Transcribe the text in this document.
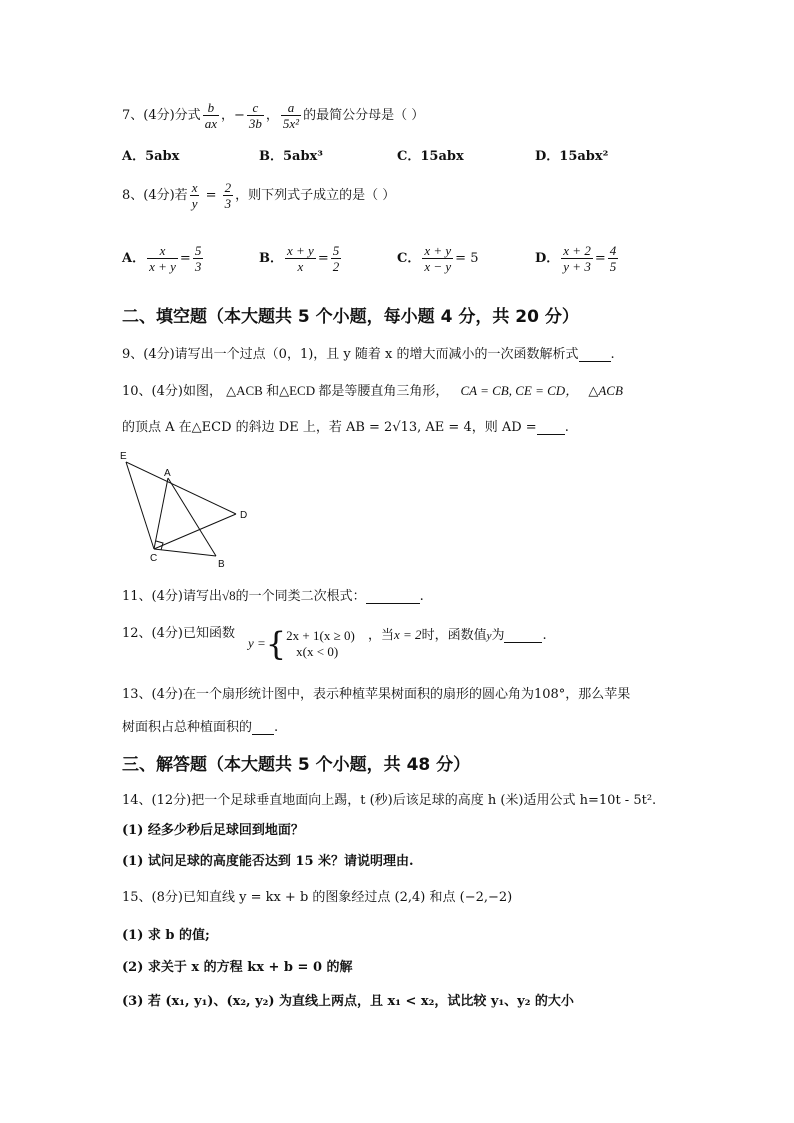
7、(4分)分式 $\frac{b}{ax}$ ，− $\frac{c}{3b}$ ， $\frac{a}{\text{5x²}}$ 的最简公分母是（ ）
A．5abx	B．5abx³	C．15abx	D．15abx²
8、(4分)若 $\frac{x}{y} = \frac{2}{3}$ ，则下列式子成立的是（ ）
A． $\frac{x}{x + y} = \frac{5}{3}$	B． $\frac{x + y}{x} = \frac{5}{2}$	C． $\frac{x + y}{x - y} = 5$	D． $\frac{x + 2}{y + 3} = \frac{4}{5}$
二、填空题（本大题共 5 个小题，每小题 4 分，共 20 分）
9、(4分)请写出一个过点（0，1)，且 y 随着 x 的增大而减小的一次函数解析式 .
10、(4分)如图， △ACB 和△ECD 都是等腰直角三角形， CA = CB, CE = CD， △ACB
的顶点 A 在△ECD 的斜边 DE 上，若 AB = 2√13, AE = 4，则 AD = .
E
A
D
C
B
11、(4分)请写出√8的一个同类二次根式：	.
12、(4分)已知函数
y ={2x + 1(x ≥ 0)
x(x < 0)
，当x = 2时，函数值y为	.
13、(4分)在一个扇形统计图中，表示种植苹果树面积的扇形的圆心角为108°，那么苹果
树面积占总种植面积的 .
三、解答题（本大题共 5 个小题，共 48 分）
14、(12分)把一个足球垂直地面向上踢，t (秒)后该足球的高度 h (米)适用公式 h=10t - 5t².
(1) 经多少秒后足球回到地面？
(1) 试问足球的高度能否达到 15 米？请说明理由.
15、(8分)已知直线 y = kx + b 的图象经过点 (2,4) 和点 (−2,−2)
(1) 求 b 的值;
(2) 求关于 x 的方程 kx + b = 0 的解
(3) 若 (x₁, y₁)、(x₂, y₂) 为直线上两点，且 x₁ < x₂，试比较 y₁、y₂ 的大小
